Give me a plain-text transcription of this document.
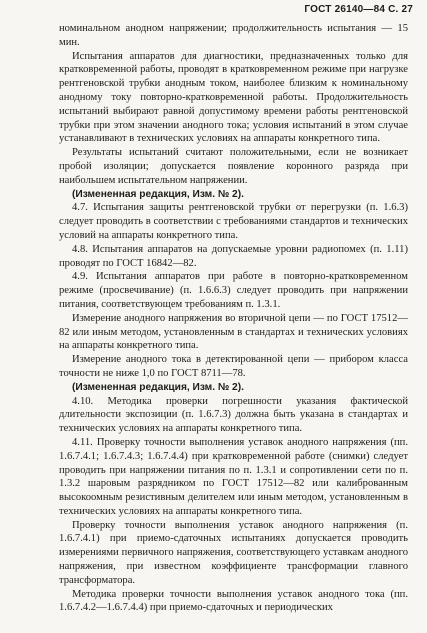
ГОСТ 26140—84 С. 27

номинальном анодном напряжении; продолжительность испытания — 15 мин.

Испытания аппаратов для диагностики, предназначенных только для кратковременной работы, проводят в кратковременном режиме при нагрузке рентгеновской трубки анодным током, наиболее близким к номинальному анодному току повторно-кратковременной работы. Продолжительность испытаний выбирают равной допустимому времени работы рентгеновской трубки при этом значении анодного тока; условия испытаний в этом случае устанавливают в технических условиях на аппараты конкретного типа.

Результаты испытаний считают положительными, если не возникает пробой изоляции; допускается появление коронного разряда при наибольшем испытательном напряжении.

(Измененная редакция, Изм. № 2).

4.7. Испытания защиты рентгеновской трубки от перегрузки (п. 1.6.3) следует проводить в соответствии с требованиями стандартов и технических условий на аппараты конкретного типа.

4.8. Испытания аппаратов на допускаемые уровни радиопомех (п. 1.11) проводят по ГОСТ 16842—82.

4.9. Испытания аппаратов при работе в повторно-кратковременном режиме (просвечивание) (п. 1.6.6.3) следует проводить при напряжении питания, соответствующем требованиям п. 1.3.1.

Измерение анодного напряжения во вторичной цепи — по ГОСТ 17512—82 или иным методом, установленным в стандартах и технических условиях на аппараты конкретного типа.

Измерение анодного тока в детектированной цепи — прибором класса точности не ниже 1,0 по ГОСТ 8711—78.

(Измененная редакция, Изм. № 2).

4.10. Методика проверки погрешности указания фактической длительности экспозиции (п. 1.6.7.3) должна быть указана в стандартах и технических условиях на аппараты конкретного типа.

4.11. Проверку точности выполнения уставок анодного напряжения (пп. 1.6.7.4.1; 1.6.7.4.3; 1.6.7.4.4) при кратковременной работе (снимки) следует проводить при напряжении питания по п. 1.3.1 и сопротивлении сети по п. 1.3.2 шаровым разрядником по ГОСТ 17512—82 или калиброванным высокоомным резистивным делителем или иным методом, установленным в технических условиях на аппараты конкретного типа.

Проверку точности выполнения уставок анодного напряжения (п. 1.6.7.4.1) при приемо-сдаточных испытаниях допускается проводить измерениями первичного напряжения, соответствующего уставкам анодного напряжения, при известном коэффициенте трансформации главного трансформатора.

Методика проверки точности выполнения уставок анодного тока (пп. 1.6.7.4.2—1.6.7.4.4) при приемо-сдаточных и периодических
